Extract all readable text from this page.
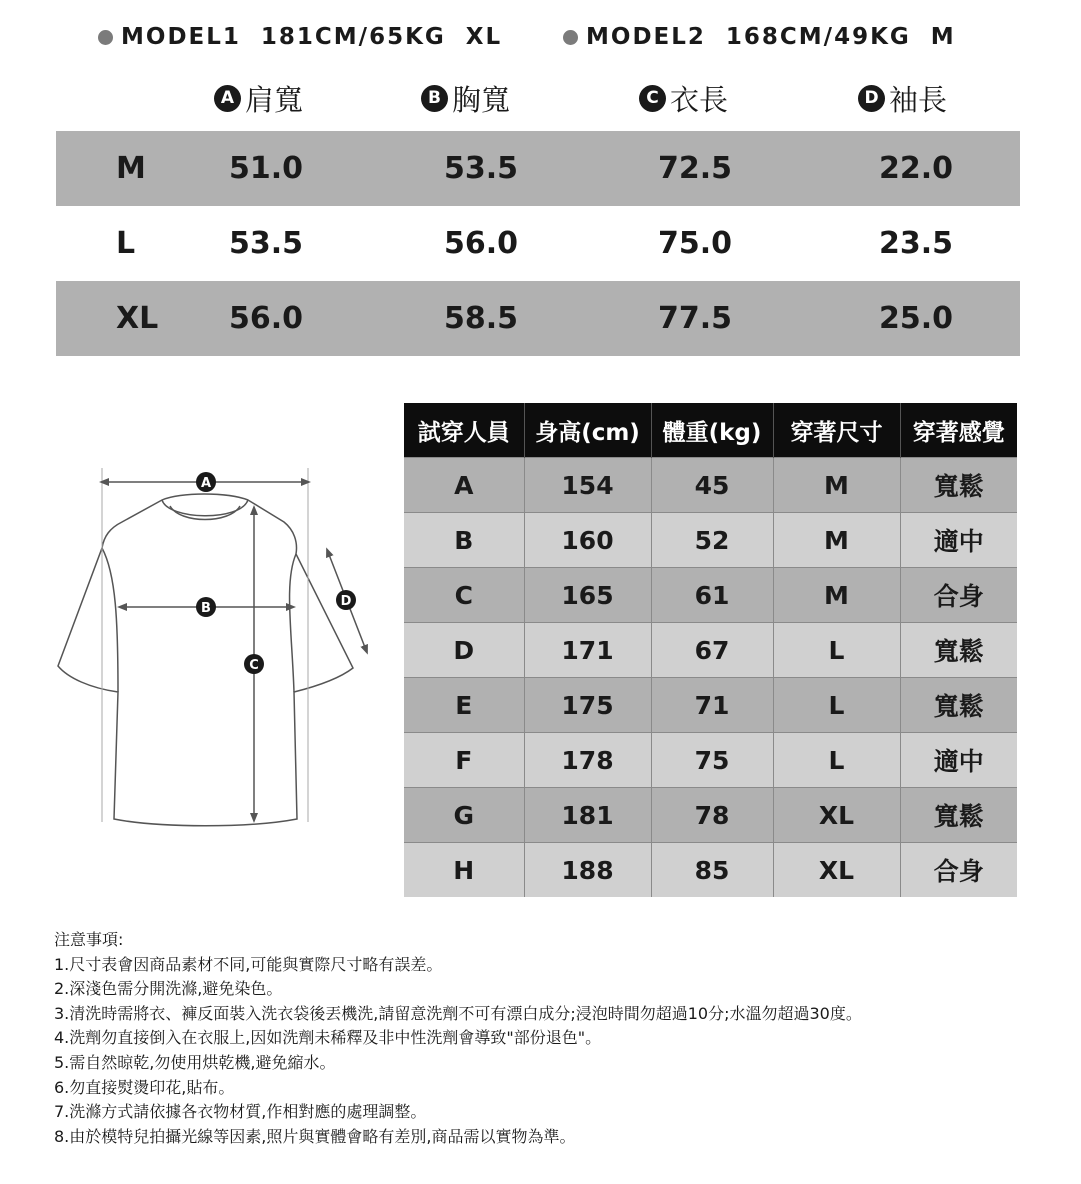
MODEL1 181CM/65KG XL	MODEL2 168CM/49KG M
A 肩寬	B 胸寬	C 衣長	D 袖長
M	51.0	53.5	72.5	22.0
L	53.5	56.0	75.0	23.5
XL 56.0	58.5	77.5	25.0
A
B
C
D
試穿人員	身高(cm)	體重(kg)	穿著尺寸	穿著感覺
A	154	45	M	寬鬆
B	160	52	M	適中
C	165	61	M	合身
D	171	67	L	寬鬆
E	175	71	L	寬鬆
F	178	75	L	適中
G	181	78	XL	寬鬆
H	188	85	XL	合身
注意事項:
1.尺寸表會因商品素材不同,可能與實際尺寸略有誤差。
2.深淺色需分開洗滌,避免染色。
3.清洗時需將衣、褲反面裝入洗衣袋後丟機洗,請留意洗劑不可有漂白成分;浸泡時間勿超過10分;水溫勿超過30度。
4.洗劑勿直接倒入在衣服上,因如洗劑未稀釋及非中性洗劑會導致"部份退色"。
5.需自然晾乾,勿使用烘乾機,避免縮水。
6.勿直接熨燙印花,貼布。
7.洗滌方式請依據各衣物材質,作相對應的處理調整。
8.由於模特兒拍攝光線等因素,照片與實體會略有差別,商品需以實物為準。
